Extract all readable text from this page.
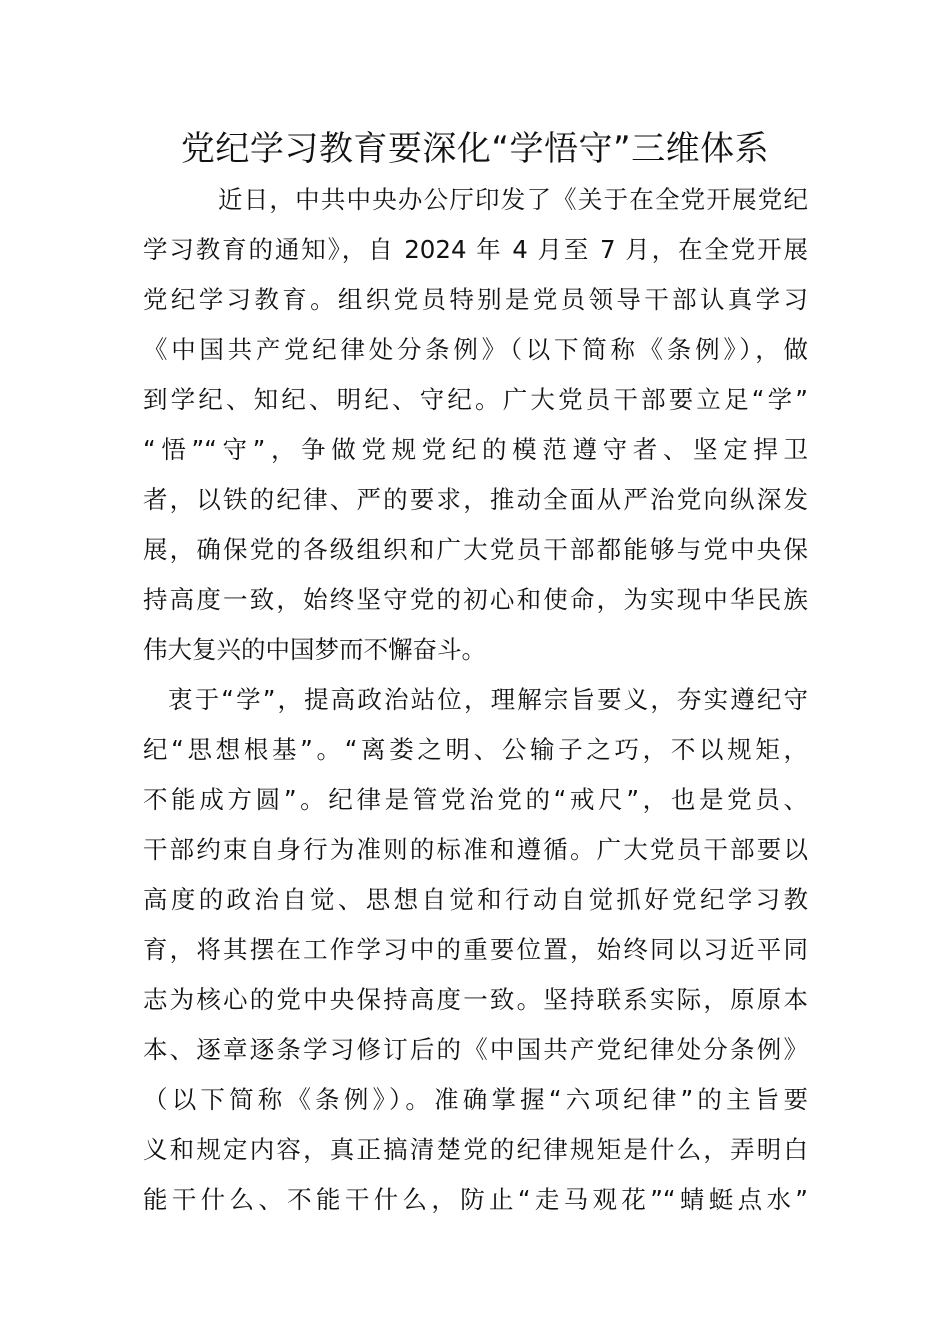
党纪学习教育要深化“学悟守”三维体系
近日，中共中央办公厅印发了《关于在全党开展党纪
学习教育的通知》，自 2024 年 4 月至 7 月，在全党开展
党纪学习教育。组织党员特别是党员领导干部认真学习
《中国共产党纪律处分条例》（以下简称《条例》），做
到学纪、知纪、明纪、守纪。广大党员干部要立足“学”
“悟”“守”，争做党规党纪的模范遵守者、坚定捍卫
者，以铁的纪律、严的要求，推动全面从严治党向纵深发
展，确保党的各级组织和广大党员干部都能够与党中央保
持高度一致，始终坚守党的初心和使命，为实现中华民族
伟大复兴的中国梦而不懈奋斗。
衷于“学”，提高政治站位，理解宗旨要义，夯实遵纪守
纪“思想根基”。“离娄之明、公输子之巧，不以规矩，
不能成方圆”。纪律是管党治党的“戒尺”，也是党员、
干部约束自身行为准则的标准和遵循。广大党员干部要以
高度的政治自觉、思想自觉和行动自觉抓好党纪学习教
育，将其摆在工作学习中的重要位置，始终同以习近平同
志为核心的党中央保持高度一致。坚持联系实际，原原本
本、逐章逐条学习修订后的《中国共产党纪律处分条例》
（以下简称《条例》）。准确掌握“六项纪律”的主旨要
义和规定内容，真正搞清楚党的纪律规矩是什么，弄明白
能干什么、不能干什么，防止“走马观花”“蜻蜓点水”
